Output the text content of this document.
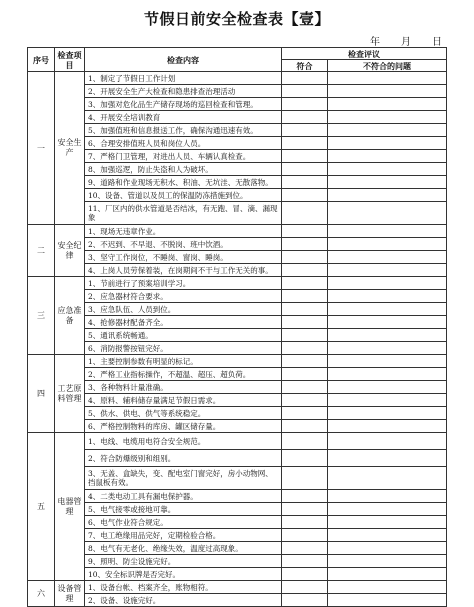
节假日前安全检查表【壹】
年 月 日
序号	检查项目	检查内容	检查评议	
			符合	不符合的问题
一	安全生产	1、制定了节假日工作计划		
		2、开展安全生产大检查和隐患排查治理活动		
		3、加强对危化品生产储存现场的巡回检查和管理。		
		4、开展安全培训教育		
		5、加强值班和信息报送工作，确保沟通迅速有效。		
		6、合理安排值班人员和岗位人员。		
		7、严格门卫管理，对进出人员、车辆认真检查。		
		8、加强巡逻，防止失盗和人为破坏。		
		9、道路和作业现场无积水、积油、无坑洼、无散落物。		
		10、设备、管道以及员工的保温防冻措施到位。		
		11、厂区内的供水管道是否结冰，有无跑、冒、滴、漏现象		
二	安全纪律	1、现场无违章作业。		
		2、不迟到、不早退、不脱岗、班中饮酒。		
		3、坚守工作岗位，不睡岗、窗岗、睡岗。		
		4、上岗人员劳保着装，在岗期间不干与工作无关的事。		
三	应急准备	1、节前进行了预案培训学习。		
		2、应急器材符合要求。		
		3、应急队伍、人员到位。		
		4、抢修器材配备齐全。		
		5、通讯系统畅通。		
		6、消防报警按钮完好。		
四	工艺原料管理	1、主要控制参数有明显的标记。		
		2、严格工业指标操作，不超温、超压、超负荷。		
		3、各种物料计量准确。		
		4、原料、辅料储存量满足节假日需求。		
		5、供水、供电、供气等系统稳定。		
		6、严格控制物料的库房、罐区储存量。		
五	电器管理	1、电线、电缆用电符合安全规范。		
		2、符合防爆级别和组别。		
		3、无盖、盒缺失，变、配电室门窗完好，房小动物网、挡鼠板有效。		
		4、二类电动工具有漏电保护器。		
		5、电气接零或接地可靠。		
		6、电气作业符合规定。		
		7、电工绝缘用品完好，定期检验合格。		
		8、电气有无老化、绝缘失效，温度过高现象。		
		9、照明、防尘设施完好。		
		10、安全标识牌是否完好。		
六	设备管理	1、设备台帐、档案齐全，账物相符。		
		2、设备、设施完好。		
